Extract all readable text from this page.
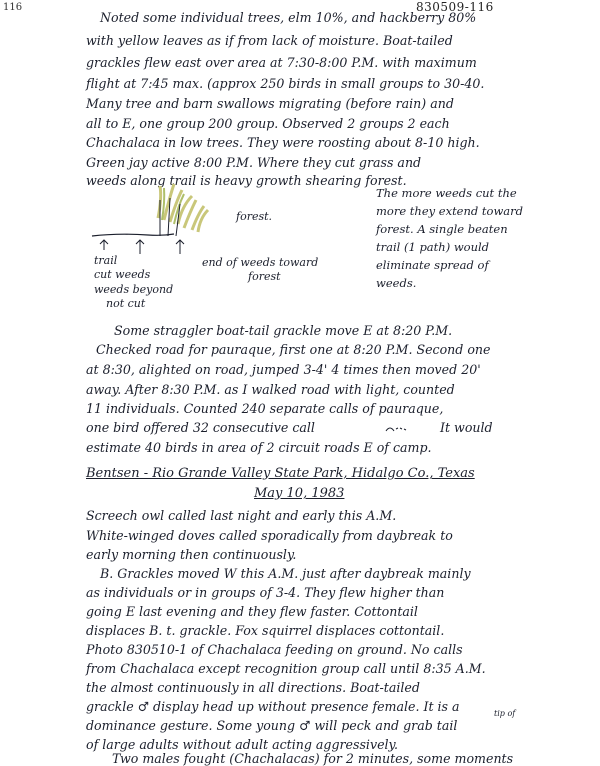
116	830509-116
Noted some individual trees, elm 10%, and hackberry 80%
with yellow leaves as if from lack of moisture. Boat-tailed
grackles flew east over area at 7:30-8:00 P.M. with maximum
flight at 7:45 max. (approx 250 birds in small groups to 30-40.
Many tree and barn swallows migrating (before rain) and
all to E, one group 200 group. Observed 2 groups 2 each
Chachalaca in low trees. They were roosting about 8-10 high.
Green jay active 8:00 P.M. Where they cut grass and
weeds along trail is heavy growth shearing forest.
forest.
trail
cut weeds
weeds beyond
not cut
end of weeds toward
forest
The more weeds cut the
more they extend toward
forest. A single beaten
trail (1 path) would
eliminate spread of
weeds.
Some straggler boat-tail grackle move E at 8:20 P.M.
Checked road for pauraque, first one at 8:20 P.M. Second one
at 8:30, alighted on road, jumped 3-4' 4 times then moved 20'
away. After 8:30 P.M. as I walked road with light, counted
11 individuals. Counted 240 separate calls of pauraque,
one bird offered 32 consecutive call	It would
estimate 40 birds in area of 2 circuit roads E of camp.
Bentsen - Rio Grande Valley State Park, Hidalgo Co., Texas
May 10, 1983
Screech owl called last night and early this A.M.
White-winged doves called sporadically from daybreak to
early morning then continuously.
B. Grackles moved W this A.M. just after daybreak mainly
as individuals or in groups of 3-4. They flew higher than
going E last evening and they flew faster. Cottontail
displaces B. t. grackle. Fox squirrel displaces cottontail.
Photo 830510-1 of Chachalaca feeding on ground. No calls
from Chachalaca except recognition group call until 8:35 A.M.
the almost continuously in all directions. Boat-tailed
grackle ♂ display head up without presence female. It is a	tip of
dominance gesture. Some young ♂ will peck and grab tail
of large adults without adult acting aggressively.
Two males fought (Chachalacas) for 2 minutes, some moments
